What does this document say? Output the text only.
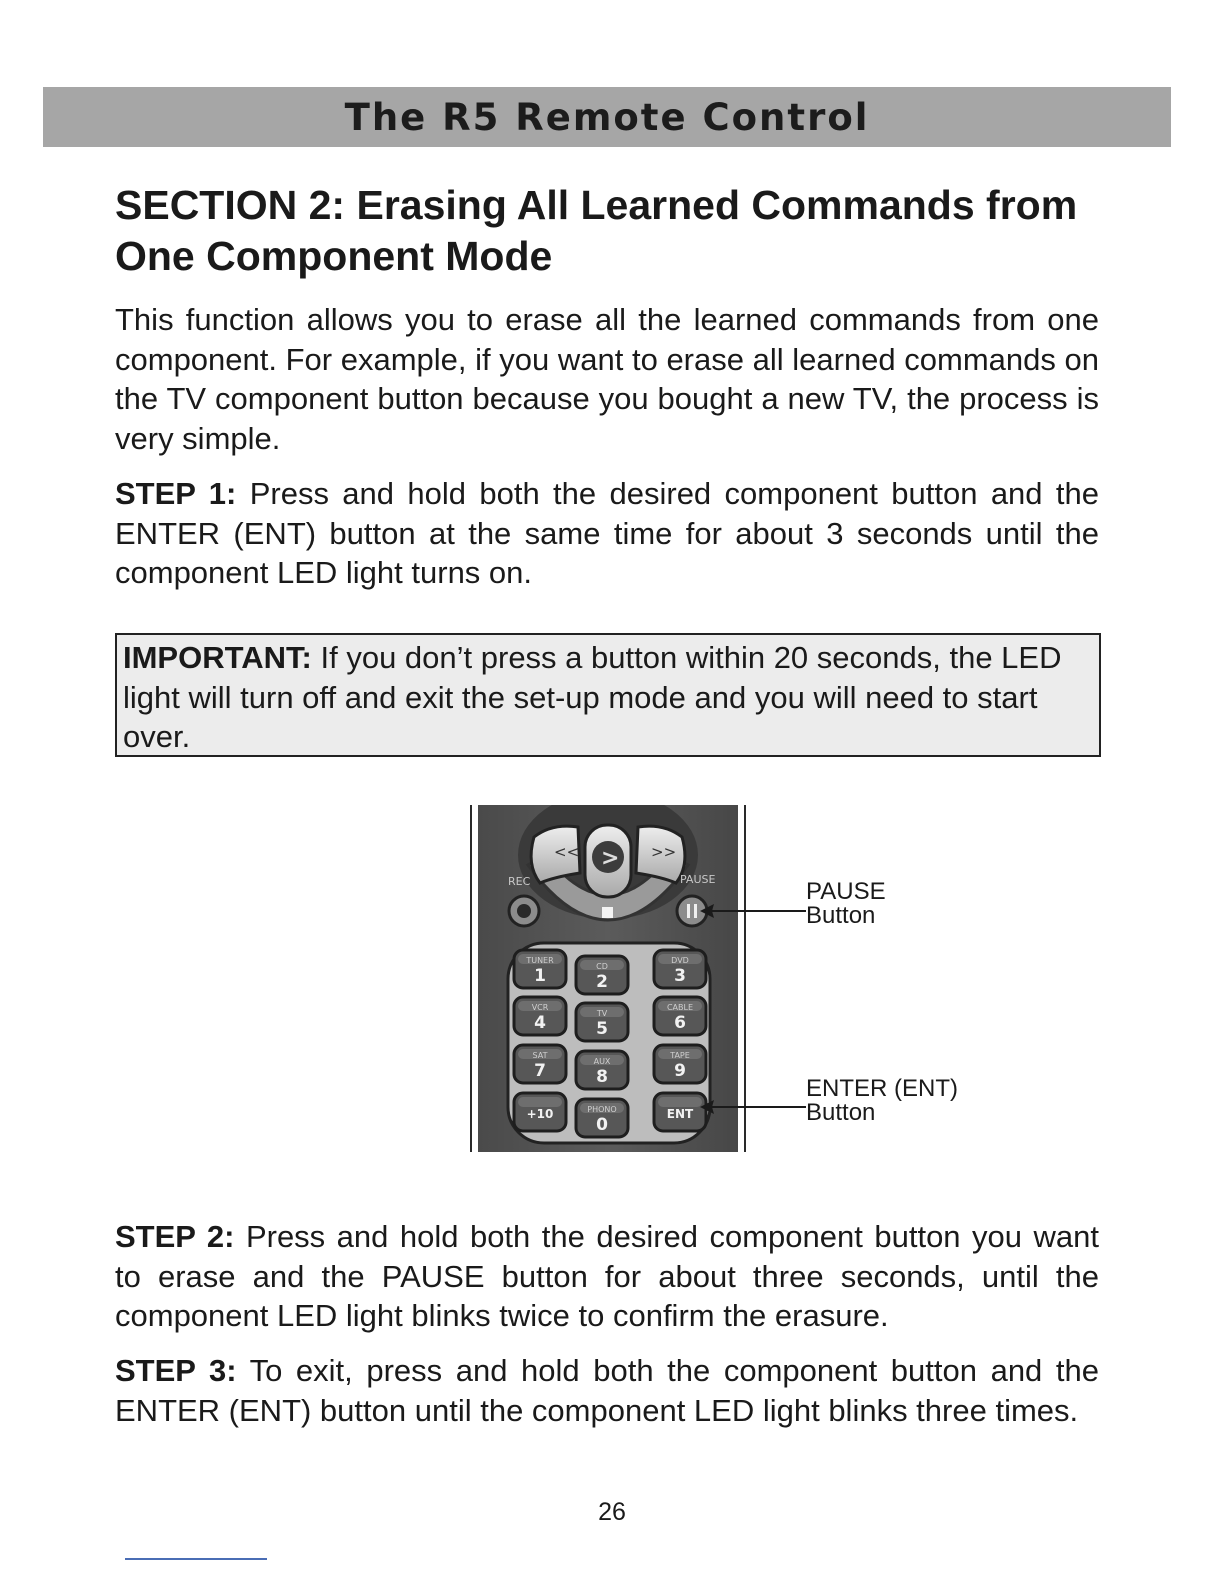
The R5 Remote Control
SECTION 2: Erasing All Learned Commands from One Component Mode

This function allows you to erase all the learned commands from one component. For example, if you want to erase all learned commands on the TV component button because you bought a new TV, the process is very simple.

STEP 1: Press and hold both the desired component button and the ENTER (ENT) button at the same time for about 3 seconds until the component LED light turns on.

IMPORTANT: If you don’t press a button within 20 seconds, the LED light will turn off and exit the set-up mode and you will need to start over.
<<	>>
>
REC	PAUSE
TUNER
1	CD
2
DVD
3
VCR
4	TV
5
CABLE
6
SAT
7	AUX
8
TAPE
9
+10	PHONO
0
ENT
PAUSE
Button
ENTER (ENT)
Button

STEP 2: Press and hold both the desired component button you want to erase and the PAUSE button for about three seconds, until the component LED light blinks twice to confirm the erasure.

STEP 3: To exit, press and hold both the component button and the ENTER (ENT) button until the component LED light blinks three times.

26
